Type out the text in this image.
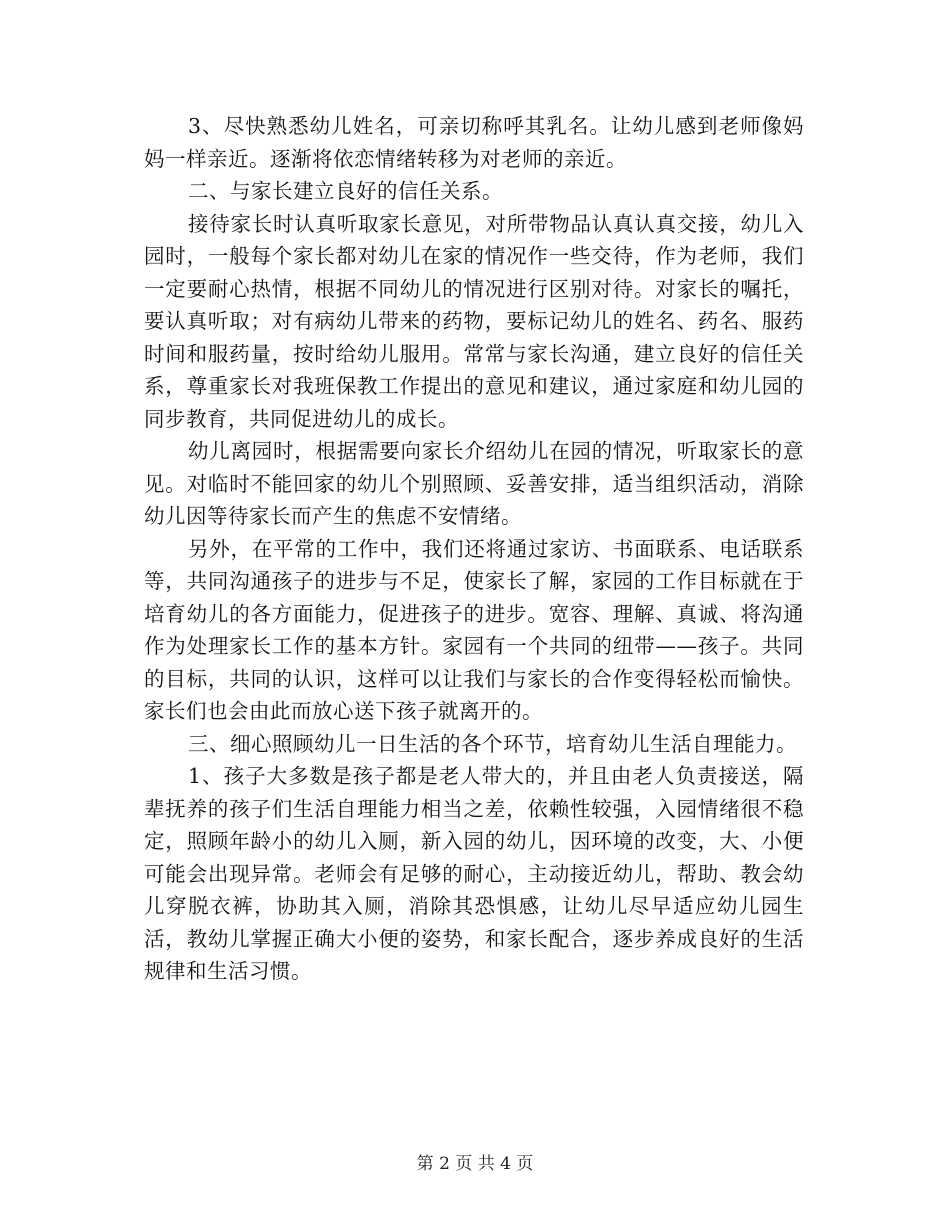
3、尽快熟悉幼儿姓名，可亲切称呼其乳名。让幼儿感到老师像妈妈一样亲近。逐渐将依恋情绪转移为对老师的亲近。

二、与家长建立良好的信任关系。

接待家长时认真听取家长意见，对所带物品认真认真交接，幼儿入园时，一般每个家长都对幼儿在家的情况作一些交待，作为老师，我们一定要耐心热情，根据不同幼儿的情况进行区别对待。对家长的嘱托，要认真听取；对有病幼儿带来的药物，要标记幼儿的姓名、药名、服药时间和服药量，按时给幼儿服用。常常与家长沟通，建立良好的信任关系，尊重家长对我班保教工作提出的意见和建议，通过家庭和幼儿园的同步教育，共同促进幼儿的成长。

幼儿离园时，根据需要向家长介绍幼儿在园的情况，听取家长的意见。对临时不能回家的幼儿个别照顾、妥善安排，适当组织活动，消除幼儿因等待家长而产生的焦虑不安情绪。

另外，在平常的工作中，我们还将通过家访、书面联系、电话联系等，共同沟通孩子的进步与不足，使家长了解，家园的工作目标就在于培育幼儿的各方面能力，促进孩子的进步。宽容、理解、真诚、将沟通作为处理家长工作的基本方针。家园有一个共同的纽带——孩子。共同的目标，共同的认识，这样可以让我们与家长的合作变得轻松而愉快。家长们也会由此而放心送下孩子就离开的。

三、细心照顾幼儿一日生活的各个环节，培育幼儿生活自理能力。

1、孩子大多数是孩子都是老人带大的，并且由老人负责接送，隔辈抚养的孩子们生活自理能力相当之差，依赖性较强，入园情绪很不稳定，照顾年龄小的幼儿入厕，新入园的幼儿，因环境的改变，大、小便可能会出现异常。老师会有足够的耐心，主动接近幼儿，帮助、教会幼儿穿脱衣裤，协助其入厕，消除其恐惧感，让幼儿尽早适应幼儿园生活，教幼儿掌握正确大小便的姿势，和家长配合，逐步养成良好的生活规律和生活习惯。

第 2 页 共 4 页
